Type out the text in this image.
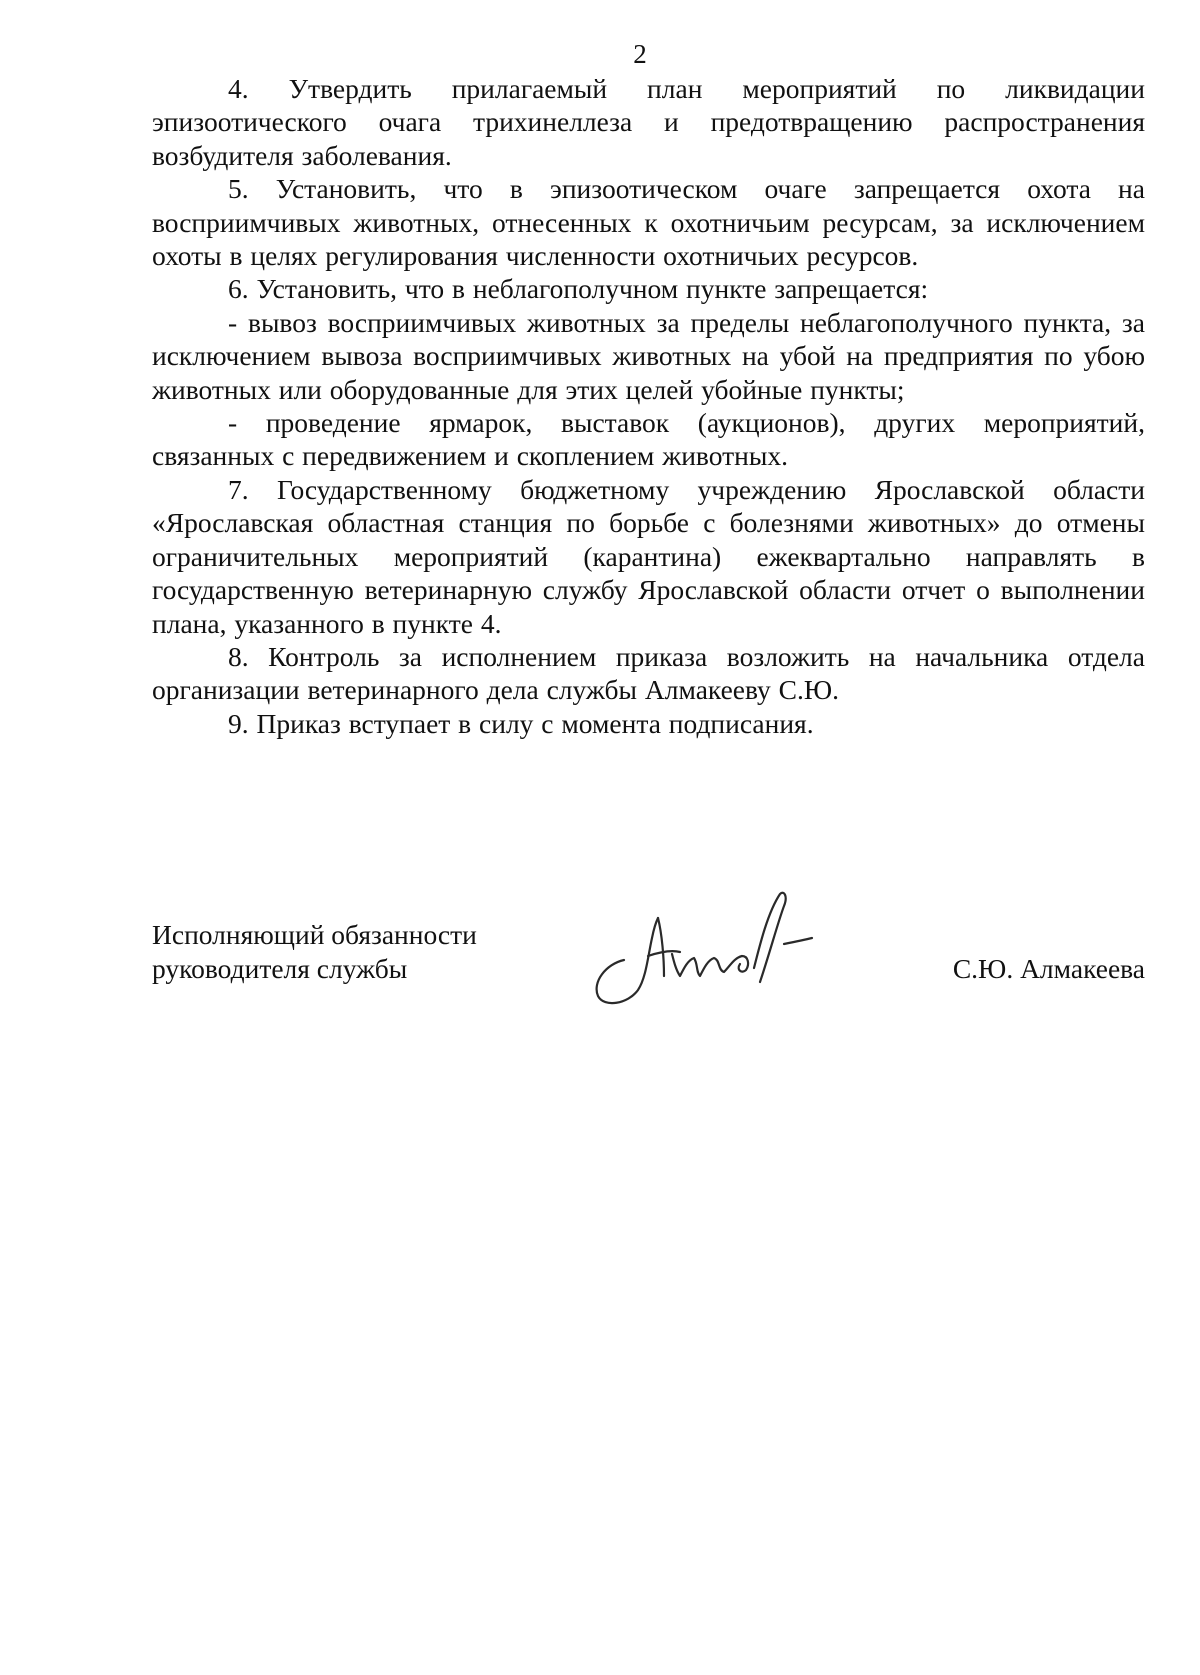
2

4. Утвердить прилагаемый план мероприятий по ликвидации эпизоотического очага трихинеллеза и предотвращению распространения возбудителя заболевания.

5. Установить, что в эпизоотическом очаге запрещается охота на восприимчивых животных, отнесенных к охотничьим ресурсам, за исключением охоты в целях регулирования численности охотничьих ресурсов.

6. Установить, что в неблагополучном пункте запрещается:

- вывоз восприимчивых животных за пределы неблагополучного пункта, за исключением вывоза восприимчивых животных на убой на предприятия по убою животных или оборудованные для этих целей убойные пункты;

- проведение ярмарок, выставок (аукционов), других мероприятий, связанных с передвижением и скоплением животных.

7. Государственному бюджетному учреждению Ярославской области «Ярославская областная станция по борьбе с болезнями животных» до отмены ограничительных мероприятий (карантина) ежеквартально направлять в государственную ветеринарную службу Ярославской области отчет о выполнении плана, указанного в пункте 4.

8. Контроль за исполнением приказа возложить на начальника отдела организации ветеринарного дела службы Алмакееву С.Ю.

9. Приказ вступает в силу с момента подписания.

Исполняющий обязанности
руководителя службы	С.Ю. Алмакеева
